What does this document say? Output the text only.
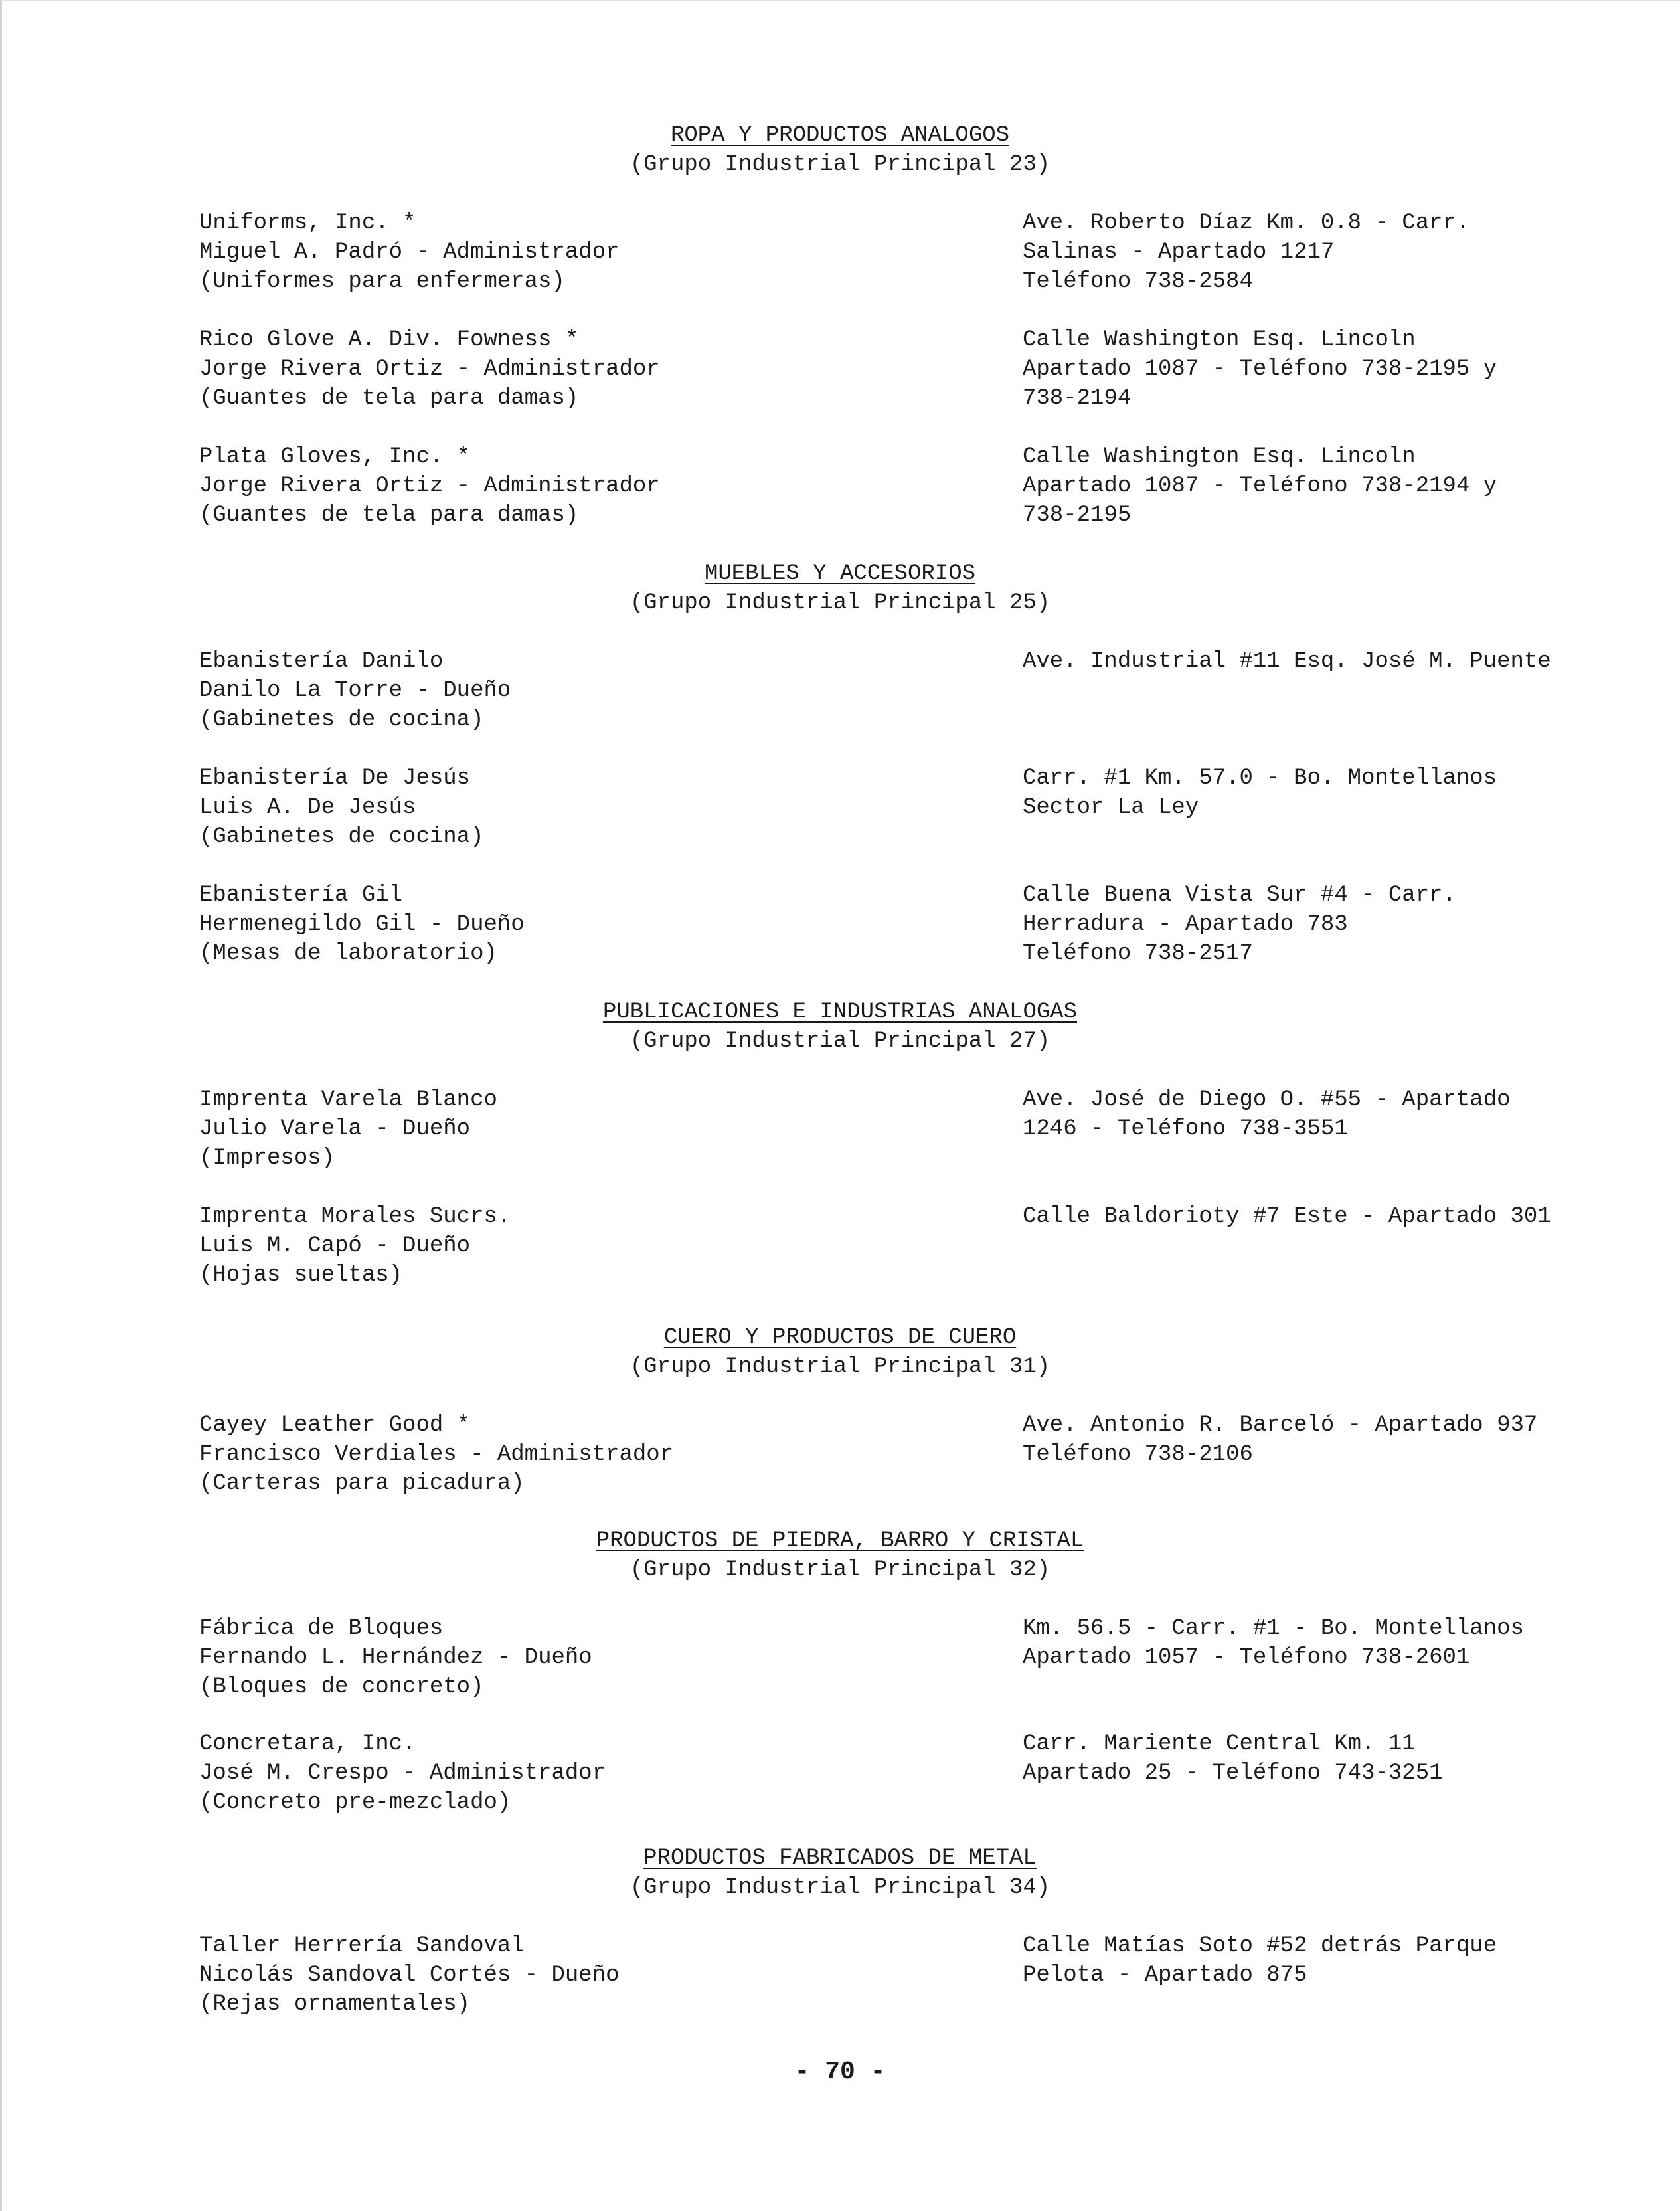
ROPA Y PRODUCTOS ANALOGOS
(Grupo Industrial Principal 23)
Uniforms, Inc. *
Miguel A. Padró - Administrador
(Uniformes para enfermeras)
Ave. Roberto Díaz Km. 0.8 - Carr.
Salinas - Apartado 1217
Teléfono 738-2584
Rico Glove A. Div. Fowness *
Jorge Rivera Ortiz - Administrador
(Guantes de tela para damas)
Calle Washington Esq. Lincoln
Apartado 1087 - Teléfono 738-2195 y
738-2194
Plata Gloves, Inc. *
Jorge Rivera Ortiz - Administrador
(Guantes de tela para damas)
Calle Washington Esq. Lincoln
Apartado 1087 - Teléfono 738-2194 y
738-2195
MUEBLES Y ACCESORIOS
(Grupo Industrial Principal 25)
Ebanistería Danilo
Danilo La Torre - Dueño
(Gabinetes de cocina)
Ave. Industrial #11 Esq. José M. Puente
Ebanistería De Jesús
Luis A. De Jesús
(Gabinetes de cocina)
Carr. #1 Km. 57.0 - Bo. Montellanos
Sector La Ley
Ebanistería Gil
Hermenegildo Gil - Dueño
(Mesas de laboratorio)
Calle Buena Vista Sur #4 - Carr.
Herradura - Apartado 783
Teléfono 738-2517
PUBLICACIONES E INDUSTRIAS ANALOGAS
(Grupo Industrial Principal 27)
Imprenta Varela Blanco
Julio Varela - Dueño
(Impresos)
Ave. José de Diego O. #55 - Apartado
1246 - Teléfono 738-3551
Imprenta Morales Sucrs.
Luis M. Capó - Dueño
(Hojas sueltas)
Calle Baldorioty #7 Este - Apartado 301
CUERO Y PRODUCTOS DE CUERO
(Grupo Industrial Principal 31)
Cayey Leather Good *
Francisco Verdiales - Administrador
(Carteras para picadura)
Ave. Antonio R. Barceló - Apartado 937
Teléfono 738-2106
PRODUCTOS DE PIEDRA, BARRO Y CRISTAL
(Grupo Industrial Principal 32)
Fábrica de Bloques
Fernando L. Hernández - Dueño
(Bloques de concreto)
Km. 56.5 - Carr. #1 - Bo. Montellanos
Apartado 1057 - Teléfono 738-2601
Concretara, Inc.
José M. Crespo - Administrador
(Concreto pre-mezclado)
Carr. Mariente Central Km. 11
Apartado 25 - Teléfono 743-3251
PRODUCTOS FABRICADOS DE METAL
(Grupo Industrial Principal 34)
Taller Herrería Sandoval
Nicolás Sandoval Cortés - Dueño
(Rejas ornamentales)
Calle Matías Soto #52 detrás Parque
Pelota - Apartado 875
- 70 -
